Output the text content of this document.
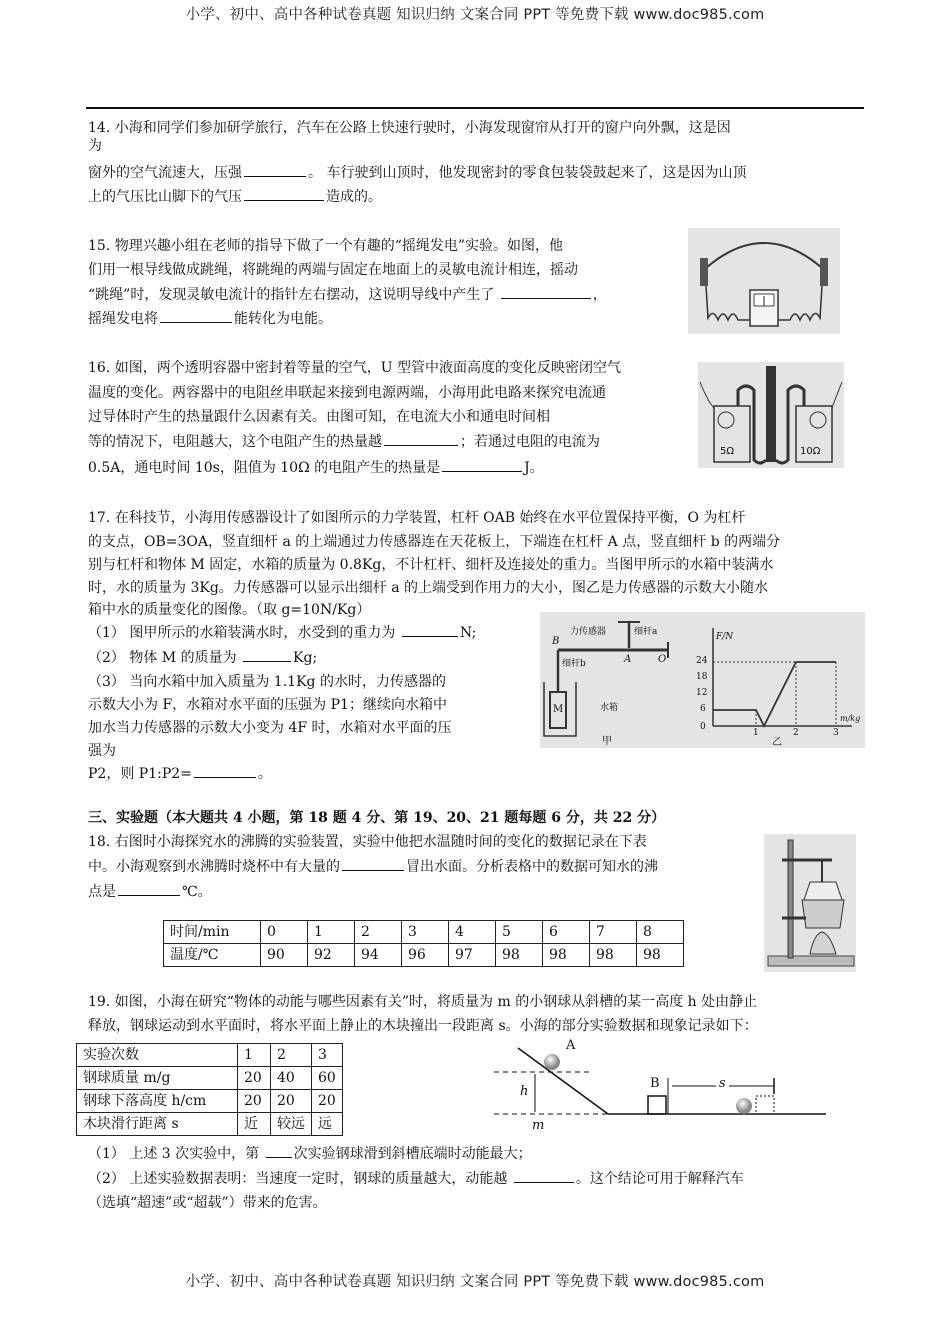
小学、初中、高中各种试卷真题 知识归纳 文案合同 PPT 等免费下载 www.doc985.com
14. 小海和同学们参加研学旅行，汽车在公路上快速行驶时，小海发现窗帘从打开的窗户向外飘，这是因
为
窗外的空气流速大，压强	。 车行驶到山顶时，他发现密封的零食包装袋鼓起来了，这是因为山顶
上的气压比山脚下的气压	造成的。
15. 物理兴趣小组在老师的指导下做了一个有趣的“摇绳发电”实验。如图，他
们用一根导线做成跳绳，将跳绳的两端与固定在地面上的灵敏电流计相连，摇动
“跳绳”时，发现灵敏电流计的指针左右摆动，这说明导线中产生了	，
摇绳发电将	能转化为电能。
16. 如图，两个透明容器中密封着等量的空气，U 型管中液面高度的变化反映密闭空气
温度的变化。两容器中的电阻丝串联起来接到电源两端，小海用此电路来探究电流通
过导体时产生的热量跟什么因素有关。由图可知，在电流大小和通电时间相
等的情况下，电阻越大，这个电阻产生的热量越	；若通过电阻的电流为
0.5A，通电时间 10s，阻值为 10Ω 的电阻产生的热量是	J。
5Ω	10Ω
17. 在科技节，小海用传感器设计了如图所示的力学装置，杠杆 OAB 始终在水平位置保持平衡，O 为杠杆
的支点，OB=3OA，竖直细杆 a 的上端通过力传感器连在天花板上，下端连在杠杆 A 点，竖直细杆 b 的两端分
别与杠杆和物体 M 固定，水箱的质量为 0.8Kg，不计杠杆、细杆及连接处的重力。当图甲所示的水箱中装满水
时，水的质量为 3Kg。力传感器可以显示出细杆 a 的上端受到作用力的大小，图乙是力传感器的示数大小随水
箱中水的质量变化的图像。（取 g=10N/Kg）
（1） 图甲所示的水箱装满水时，水受到的重力为	N;
（2） 物体 M 的质量为	Kg;
（3） 当向水箱中加入质量为 1.1Kg 的水时，力传感器的
示数大小为 F，水箱对水平面的压强为 P1；继续向水箱中
加水当力传感器的示数大小变为 4F 时，水箱对水平面的压
强为
P2，则 P1:P2=	。
力传感器	细杆a
细杆b
B
A	O
M	水箱
甲
F/N
m/kg
0
6
12
18
24
1	2	3
乙
三、实验题（本大题共 4 小题，第 18 题 4 分、第 19、20、21 题每题 6 分，共 22 分）
18. 右图时小海探究水的沸腾的实验装置，实验中他把水温随时间的变化的数据记录在下表
中。小海观察到水沸腾时烧杯中有大量的	冒出水面。分析表格中的数据可知水的沸
点是	℃。
时间/min	0	1	2	3	4	5	6	7	8
温度/℃	90	92	94	96	97	98	98	98	98
19. 如图，小海在研究“物体的动能与哪些因素有关”时，将质量为 m 的小钢球从斜槽的某一高度 h 处由静止
释放，钢球运动到水平面时，将水平面上静止的木块撞出一段距离 s。小海的部分实验数据和现象记录如下：
实验次数	1	2	3
钢球质量 m/g	20	40	60
钢球下落高度 h/cm	20	20	20
木块滑行距离 s	近	较远	远
A
h
m
B	s
（1） 上述 3 次实验中，第 次实验钢球滑到斜槽底端时动能最大；
（2） 上述实验数据表明：当速度一定时，钢球的质量越大，动能越	。这个结论可用于解释汽车
（选填“超速”或“超载”）带来的危害。
小学、初中、高中各种试卷真题 知识归纳 文案合同 PPT 等免费下载 www.doc985.com
